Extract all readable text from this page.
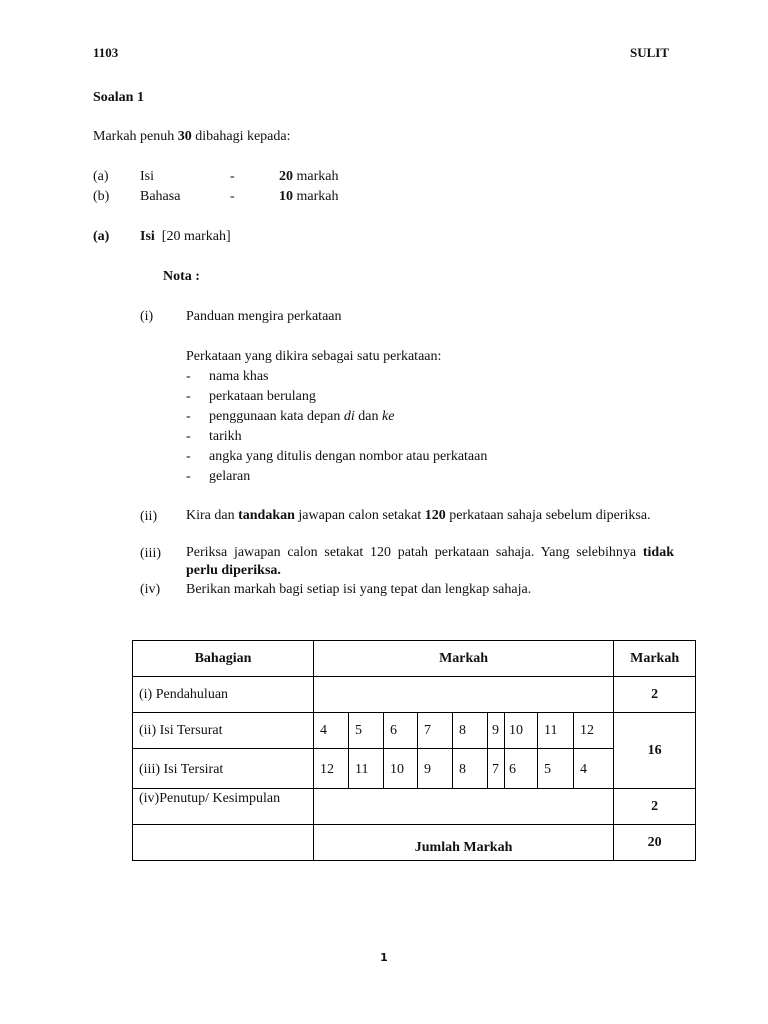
1103	SULIT
Soalan 1
Markah penuh 30 dibahagi kepada:
(a) Isi	-	20 markah
(b) Bahasa	-	10 markah
(a) Isi [20 markah]
Nota :
(i) Panduan mengira perkataan
Perkataan yang dikira sebagai satu perkataan:
- nama khas
- perkataan berulang
- penggunaan kata depan di dan ke
- tarikh
- angka yang ditulis dengan nombor atau perkataan
- gelaran
(ii) Kira dan tandakan jawapan calon setakat 120 perkataan sahaja sebelum diperiksa.
(iii) Periksa jawapan calon setakat 120 patah perkataan sahaja. Yang selebihnya tidak perlu diperiksa.
(iv) Berikan markah bagi setiap isi yang tepat dan lengkap sahaja.
Bahagian	Markah									Markah
(i) Pendahuluan										2
(ii) Isi Tersurat	4	5	6	7	8	9	10	11	12	16
(iii) Isi Tersirat	12	11	10	9	8	7	6	5	4	
(iv)Penutup/ Kesimpulan										2
	Jumlah Markah									20
1
